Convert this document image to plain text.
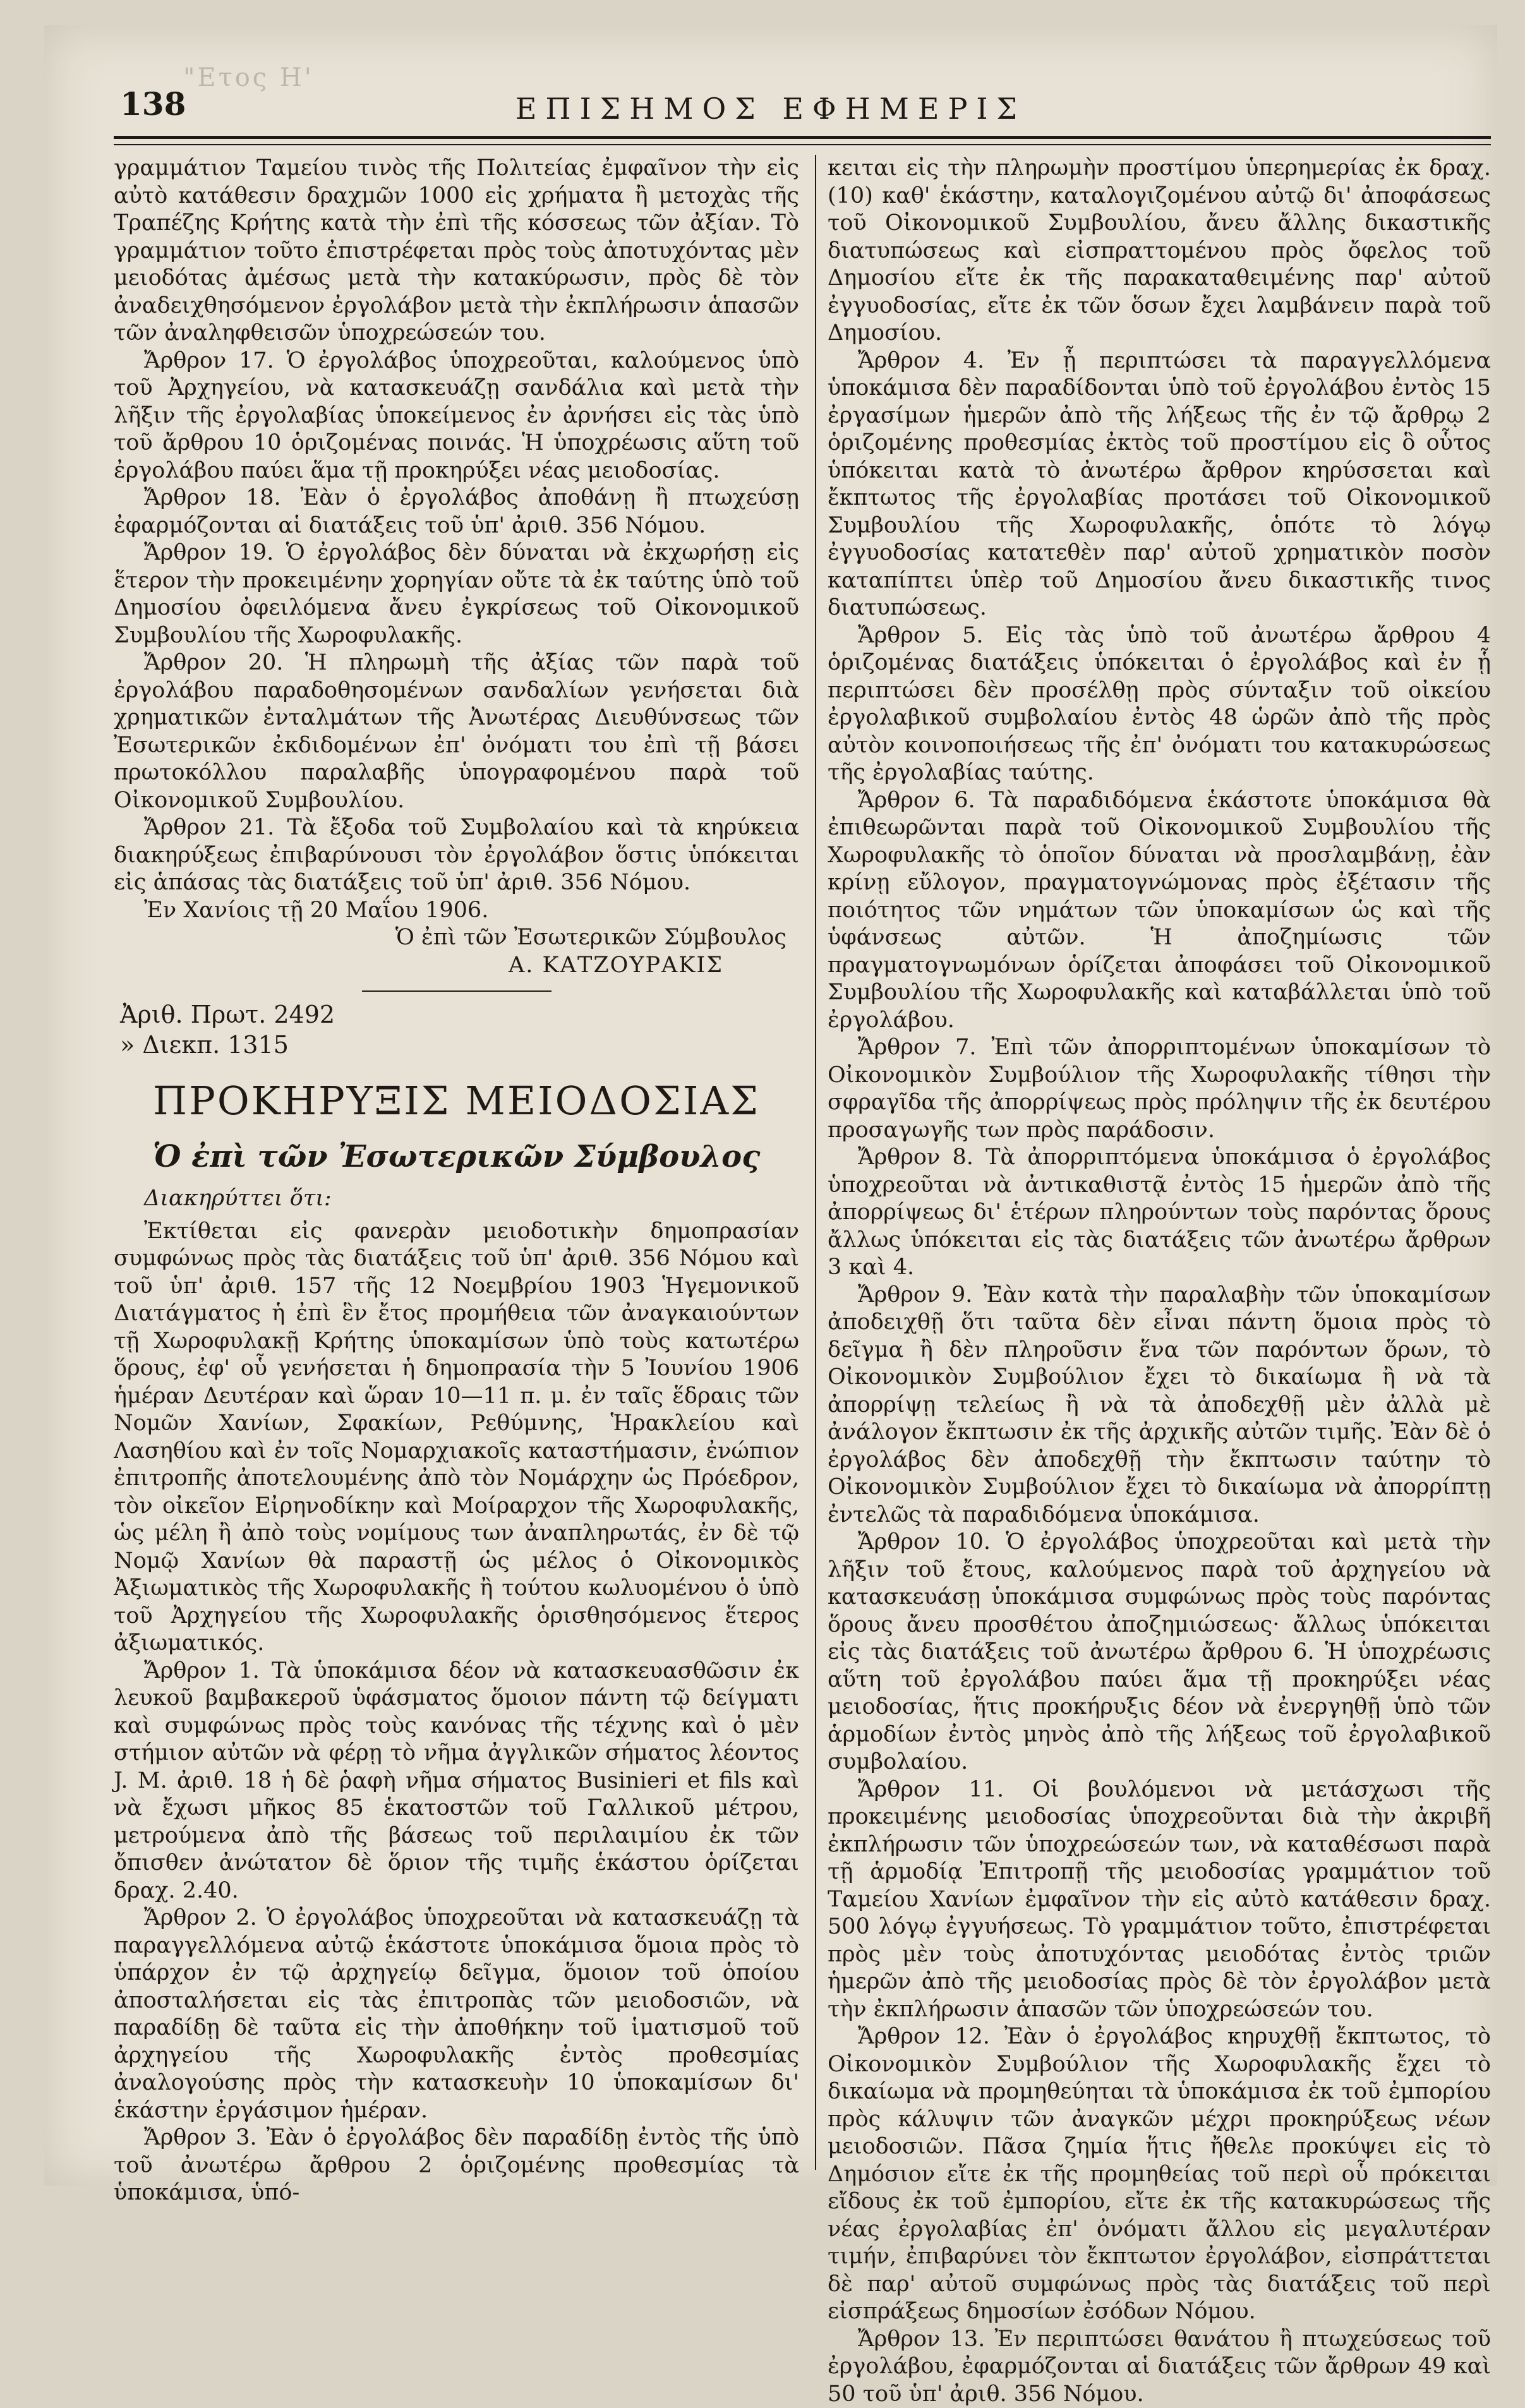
"Ετος Η'
138	ΕΠΙΣΗΜΟΣ ΕΦΗΜΕΡΙΣ

γραμμάτιον Ταμείου τινὸς τῆς Πολιτείας ἐμφαῖνον τὴν εἰς αὐτὸ κατάθεσιν δραχμῶν 1000 εἰς χρήματα ἢ μετοχὰς τῆς Τραπέζης Κρήτης κατὰ τὴν ἐπὶ τῆς κόσσεως τῶν ἀξίαν. Τὸ γραμμάτιον τοῦτο ἐπιστρέφεται πρὸς τοὺς ἀποτυχόντας μὲν μειοδότας ἀμέσως μετὰ τὴν κατακύρωσιν, πρὸς δὲ τὸν ἀναδειχθησόμενον ἐργολάβον μετὰ τὴν ἐκπλήρωσιν ἁπασῶν τῶν ἀναληφθεισῶν ὑποχρεώσεών του.

Ἄρθρον 17. Ὁ ἐργολάβος ὑποχρεοῦται, καλούμενος ὑπὸ τοῦ Ἀρχηγείου, νὰ κατασκευάζῃ σανδάλια καὶ μετὰ τὴν λῆξιν τῆς ἐργολαβίας ὑποκείμενος ἐν ἀρνήσει εἰς τὰς ὑπὸ τοῦ ἄρθρου 10 ὁριζομένας ποινάς. Ἡ ὑποχρέωσις αὕτη τοῦ ἐργολάβου παύει ἅμα τῇ προκηρύξει νέας μειοδοσίας.

Ἄρθρον 18. Ἐὰν ὁ ἐργολάβος ἀποθάνῃ ἢ πτωχεύσῃ ἐφαρμόζονται αἱ διατάξεις τοῦ ὑπ' ἀριθ. 356 Νόμου.

Ἄρθρον 19. Ὁ ἐργολάβος δὲν δύναται νὰ ἐκχωρήσῃ εἰς ἕτερον τὴν προκειμένην χορηγίαν οὔτε τὰ ἐκ ταύτης ὑπὸ τοῦ Δημοσίου ὀφειλόμενα ἄνευ ἐγκρίσεως τοῦ Οἰκονομικοῦ Συμβουλίου τῆς Χωροφυλακῆς.

Ἄρθρον 20. Ἡ πληρωμὴ τῆς ἀξίας τῶν παρὰ τοῦ ἐργολάβου παραδοθησομένων σανδαλίων γενήσεται διὰ χρηματικῶν ἐνταλμάτων τῆς Ἀνωτέρας Διευθύνσεως τῶν Ἐσωτερικῶν ἐκδιδομένων ἐπ' ὀνόματι του ἐπὶ τῇ βάσει πρωτοκόλλου παραλαβῆς ὑπογραφομένου παρὰ τοῦ Οἰκονομικοῦ Συμβουλίου.

Ἄρθρον 21. Τὰ ἔξοδα τοῦ Συμβολαίου καὶ τὰ κηρύκεια διακηρύξεως ἐπιβαρύνουσι τὸν ἐργολάβον ὅστις ὑπόκειται εἰς ἁπάσας τὰς διατάξεις τοῦ ὑπ' ἀριθ. 356 Νόμου.

Ἐν Χανίοις τῇ 20 Μαΐου 1906.

Ὁ ἐπὶ τῶν Ἐσωτερικῶν Σύμβουλος

Α. ΚΑΤΖΟΥΡΑΚΙΣ

Ἀριθ. Πρωτ. 2492
» Διεκπ. 1315
ΠΡΟΚΗΡΥΞΙΣ ΜΕΙΟΔΟΣΙΑΣ
Ὁ ἐπὶ τῶν Ἐσωτερικῶν Σύμβουλος

Διακηρύττει ὅτι:

Ἐκτίθεται εἰς φανερὰν μειοδοτικὴν δημοπρασίαν συμφώνως πρὸς τὰς διατάξεις τοῦ ὑπ' ἀριθ. 356 Νόμου καὶ τοῦ ὑπ' ἀριθ. 157 τῆς 12 Νοεμβρίου 1903 Ἡγεμονικοῦ Διατάγματος ἡ ἐπὶ ἓν ἔτος προμήθεια τῶν ἀναγκαιούντων τῇ Χωροφυλακῇ Κρήτης ὑποκαμίσων ὑπὸ τοὺς κατωτέρω ὅρους, ἐφ' οὗ γενήσεται ἡ δημοπρασία τὴν 5 Ἰουνίου 1906 ἡμέραν Δευτέραν καὶ ὥραν 10—11 π. μ. ἐν ταῖς ἕδραις τῶν Νομῶν Χανίων, Σφακίων, Ρεθύμνης, Ἡρακλείου καὶ Λασηθίου καὶ ἐν τοῖς Νομαρχιακοῖς καταστήμασιν, ἐνώπιον ἐπιτροπῆς ἀποτελουμένης ἀπὸ τὸν Νομάρχην ὡς Πρόεδρον, τὸν οἰκεῖον Εἰρηνοδίκην καὶ Μοίραρχον τῆς Χωροφυλακῆς, ὡς μέλη ἢ ἀπὸ τοὺς νομίμους των ἀναπληρωτάς, ἐν δὲ τῷ Νομῷ Χανίων θὰ παραστῇ ὡς μέλος ὁ Οἰκονομικὸς Ἀξιωματικὸς τῆς Χωροφυλακῆς ἢ τούτου κωλυομένου ὁ ὑπὸ τοῦ Ἀρχηγείου τῆς Χωροφυλακῆς ὁρισθησόμενος ἕτερος ἀξιωματικός.

Ἄρθρον 1. Τὰ ὑποκάμισα δέον νὰ κατασκευασθῶσιν ἐκ λευκοῦ βαμβακεροῦ ὑφάσματος ὅμοιον πάντη τῷ δείγματι καὶ συμφώνως πρὸς τοὺς κανόνας τῆς τέχνης καὶ ὁ μὲν στήμιον αὐτῶν νὰ φέρῃ τὸ νῆμα ἀγγλικῶν σήματος λέοντος J. M. ἀριθ. 18 ἡ δὲ ῥαφὴ νῆμα σήματος Businieri et fils καὶ νὰ ἔχωσι μῆκος 85 ἑκατοστῶν τοῦ Γαλλικοῦ μέτρου, μετρούμενα ἀπὸ τῆς βάσεως τοῦ περιλαιμίου ἐκ τῶν ὄπισθεν ἀνώτατον δὲ ὅριον τῆς τιμῆς ἑκάστου ὁρίζεται δραχ. 2.40.

Ἄρθρον 2. Ὁ ἐργολάβος ὑποχρεοῦται νὰ κατασκευάζῃ τὰ παραγγελλόμενα αὐτῷ ἑκάστοτε ὑποκάμισα ὅμοια πρὸς τὸ ὑπάρχον ἐν τῷ ἀρχηγείῳ δεῖγμα, ὅμοιον τοῦ ὁποίου ἀποσταλήσεται εἰς τὰς ἐπιτροπὰς τῶν μειοδοσιῶν, νὰ παραδίδῃ δὲ ταῦτα εἰς τὴν ἀποθήκην τοῦ ἱματισμοῦ τοῦ ἀρχηγείου τῆς Χωροφυλακῆς ἐντὸς προθεσμίας ἀναλογούσης πρὸς τὴν κατασκευὴν 10 ὑποκαμίσων δι' ἑκάστην ἐργάσιμον ἡμέραν.

Ἄρθρον 3. Ἐὰν ὁ ἐργολάβος δὲν παραδίδῃ ἐντὸς τῆς ὑπὸ τοῦ ἀνωτέρω ἄρθρου 2 ὁριζομένης προθεσμίας τὰ ὑποκάμισα, ὑπό-

κειται εἰς τὴν πληρωμὴν προστίμου ὑπερημερίας ἐκ δραχ. (10) καθ' ἑκάστην, καταλογιζομένου αὐτῷ δι' ἀποφάσεως τοῦ Οἰκονομικοῦ Συμβουλίου, ἄνευ ἄλλης δικαστικῆς διατυπώσεως καὶ εἰσπραττομένου πρὸς ὄφελος τοῦ Δημοσίου εἴτε ἐκ τῆς παρακαταθειμένης παρ' αὐτοῦ ἐγγυοδοσίας, εἴτε ἐκ τῶν ὅσων ἔχει λαμβάνειν παρὰ τοῦ Δημοσίου.

Ἄρθρον 4. Ἐν ᾗ περιπτώσει τὰ παραγγελλόμενα ὑποκάμισα δὲν παραδίδονται ὑπὸ τοῦ ἐργολάβου ἐντὸς 15 ἐργασίμων ἡμερῶν ἀπὸ τῆς λήξεως τῆς ἐν τῷ ἄρθρῳ 2 ὁριζομένης προθεσμίας ἐκτὸς τοῦ προστίμου εἰς ὃ οὗτος ὑπόκειται κατὰ τὸ ἀνωτέρω ἄρθρον κηρύσσεται καὶ ἔκπτωτος τῆς ἐργολαβίας προτάσει τοῦ Οἰκονομικοῦ Συμβουλίου τῆς Χωροφυλακῆς, ὁπότε τὸ λόγῳ ἐγγυοδοσίας κατατεθὲν παρ' αὐτοῦ χρηματικὸν ποσὸν καταπίπτει ὑπὲρ τοῦ Δημοσίου ἄνευ δικαστικῆς τινος διατυπώσεως.

Ἄρθρον 5. Εἰς τὰς ὑπὸ τοῦ ἀνωτέρω ἄρθρου 4 ὁριζομένας διατάξεις ὑπόκειται ὁ ἐργολάβος καὶ ἐν ᾗ περιπτώσει δὲν προσέλθῃ πρὸς σύνταξιν τοῦ οἰκείου ἐργολαβικοῦ συμβολαίου ἐντὸς 48 ὡρῶν ἀπὸ τῆς πρὸς αὐτὸν κοινοποιήσεως τῆς ἐπ' ὀνόματι του κατακυρώσεως τῆς ἐργολαβίας ταύτης.

Ἄρθρον 6. Τὰ παραδιδόμενα ἑκάστοτε ὑποκάμισα θὰ ἐπιθεωρῶνται παρὰ τοῦ Οἰκονομικοῦ Συμβουλίου τῆς Χωροφυλακῆς τὸ ὁποῖον δύναται νὰ προσλαμβάνῃ, ἐὰν κρίνῃ εὔλογον, πραγματογνώμονας πρὸς ἐξέτασιν τῆς ποιότητος τῶν νημάτων τῶν ὑποκαμίσων ὡς καὶ τῆς ὑφάνσεως αὐτῶν. Ἡ ἀποζημίωσις τῶν πραγματογνωμόνων ὁρίζεται ἀποφάσει τοῦ Οἰκονομικοῦ Συμβουλίου τῆς Χωροφυλακῆς καὶ καταβάλλεται ὑπὸ τοῦ ἐργολάβου.

Ἄρθρον 7. Ἐπὶ τῶν ἀπορριπτομένων ὑποκαμίσων τὸ Οἰκονομικὸν Συμβούλιον τῆς Χωροφυλακῆς τίθησι τὴν σφραγῖδα τῆς ἀπορρίψεως πρὸς πρόληψιν τῆς ἐκ δευτέρου προσαγωγῆς των πρὸς παράδοσιν.

Ἄρθρον 8. Τὰ ἀπορριπτόμενα ὑποκάμισα ὁ ἐργολάβος ὑποχρεοῦται νὰ ἀντικαθιστᾷ ἐντὸς 15 ἡμερῶν ἀπὸ τῆς ἀπορρίψεως δι' ἑτέρων πληρούντων τοὺς παρόντας ὅρους ἄλλως ὑπόκειται εἰς τὰς διατάξεις τῶν ἀνωτέρω ἄρθρων 3 καὶ 4.

Ἄρθρον 9. Ἐὰν κατὰ τὴν παραλαβὴν τῶν ὑποκαμίσων ἀποδειχθῇ ὅτι ταῦτα δὲν εἶναι πάντη ὅμοια πρὸς τὸ δεῖγμα ἢ δὲν πληροῦσιν ἕνα τῶν παρόντων ὅρων, τὸ Οἰκονομικὸν Συμβούλιον ἔχει τὸ δικαίωμα ἢ νὰ τὰ ἀπορρίψῃ τελείως ἢ νὰ τὰ ἀποδεχθῇ μὲν ἀλλὰ μὲ ἀνάλογον ἔκπτωσιν ἐκ τῆς ἀρχικῆς αὐτῶν τιμῆς. Ἐὰν δὲ ὁ ἐργολάβος δὲν ἀποδεχθῇ τὴν ἔκπτωσιν ταύτην τὸ Οἰκονομικὸν Συμβούλιον ἔχει τὸ δικαίωμα νὰ ἀπορρίπτῃ ἐντελῶς τὰ παραδιδόμενα ὑποκάμισα.

Ἄρθρον 10. Ὁ ἐργολάβος ὑποχρεοῦται καὶ μετὰ τὴν λῆξιν τοῦ ἔτους, καλούμενος παρὰ τοῦ ἀρχηγείου νὰ κατασκευάσῃ ὑποκάμισα συμφώνως πρὸς τοὺς παρόντας ὅρους ἄνευ προσθέτου ἀποζημιώσεως· ἄλλως ὑπόκειται εἰς τὰς διατάξεις τοῦ ἀνωτέρω ἄρθρου 6. Ἡ ὑποχρέωσις αὕτη τοῦ ἐργολάβου παύει ἅμα τῇ προκηρύξει νέας μειοδοσίας, ἥτις προκήρυξις δέον νὰ ἐνεργηθῇ ὑπὸ τῶν ἁρμοδίων ἐντὸς μηνὸς ἀπὸ τῆς λήξεως τοῦ ἐργολαβικοῦ συμβολαίου.

Ἄρθρον 11. Οἱ βουλόμενοι νὰ μετάσχωσι τῆς προκειμένης μειοδοσίας ὑποχρεοῦνται διὰ τὴν ἀκριβῆ ἐκπλήρωσιν τῶν ὑποχρεώσεών των, νὰ καταθέσωσι παρὰ τῇ ἁρμοδίᾳ Ἐπιτροπῇ τῆς μειοδοσίας γραμμάτιον τοῦ Ταμείου Χανίων ἐμφαῖνον τὴν εἰς αὐτὸ κατάθεσιν δραχ. 500 λόγῳ ἐγγυήσεως. Τὸ γραμμάτιον τοῦτο, ἐπιστρέφεται πρὸς μὲν τοὺς ἀποτυχόντας μειοδότας ἐντὸς τριῶν ἡμερῶν ἀπὸ τῆς μειοδοσίας πρὸς δὲ τὸν ἐργολάβον μετὰ τὴν ἐκπλήρωσιν ἁπασῶν τῶν ὑποχρεώσεών του.

Ἄρθρον 12. Ἐὰν ὁ ἐργολάβος κηρυχθῇ ἔκπτωτος, τὸ Οἰκονομικὸν Συμβούλιον τῆς Χωροφυλακῆς ἔχει τὸ δικαίωμα νὰ προμηθεύηται τὰ ὑποκάμισα ἐκ τοῦ ἐμπορίου πρὸς κάλυψιν τῶν ἀναγκῶν μέχρι προκηρύξεως νέων μειοδοσιῶν. Πᾶσα ζημία ἥτις ἤθελε προκύψει εἰς τὸ Δημόσιον εἴτε ἐκ τῆς προμηθείας τοῦ περὶ οὗ πρόκειται εἴδους ἐκ τοῦ ἐμπορίου, εἴτε ἐκ τῆς κατακυρώσεως τῆς νέας ἐργολαβίας ἐπ' ὀνόματι ἄλλου εἰς μεγαλυτέραν τιμήν, ἐπιβαρύνει τὸν ἔκπτωτον ἐργολάβον, εἰσπράττεται δὲ παρ' αὐτοῦ συμφώνως πρὸς τὰς διατάξεις τοῦ περὶ εἰσπράξεως δημοσίων ἐσόδων Νόμου.

Ἄρθρον 13. Ἐν περιπτώσει θανάτου ἢ πτωχεύσεως τοῦ ἐργολάβου, ἐφαρμόζονται αἱ διατάξεις τῶν ἄρθρων 49 καὶ 50 τοῦ ὑπ' ἀριθ. 356 Νόμου.
